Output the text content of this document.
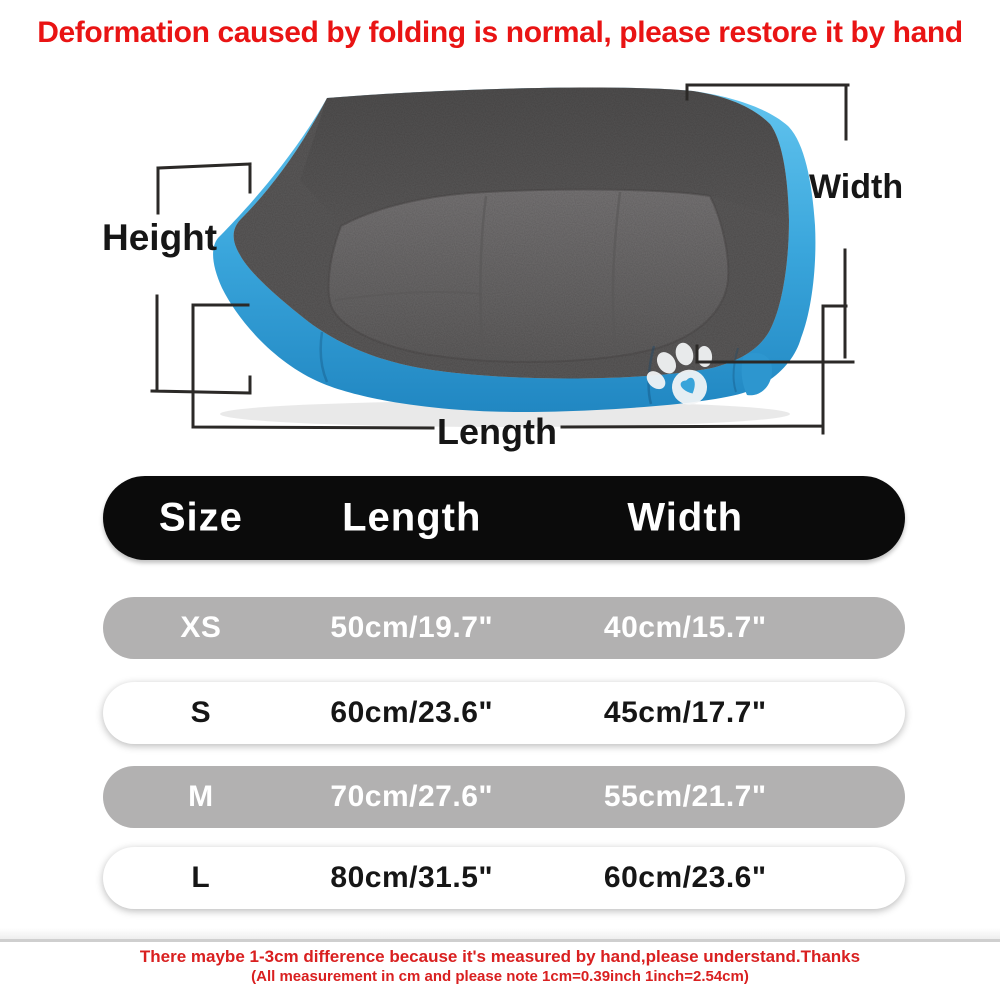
Deformation caused by folding is normal, please restore it by hand
Height
Width
Length
Size Length	Width
XS	50cm/19.7"	40cm/15.7"
S	60cm/23.6"	45cm/17.7"
M	70cm/27.6"	55cm/21.7"
L	80cm/31.5"	60cm/23.6"
There maybe 1-3cm difference because it's measured by hand,please understand.Thanks
(All measurement in cm and please note 1cm=0.39inch 1inch=2.54cm)
